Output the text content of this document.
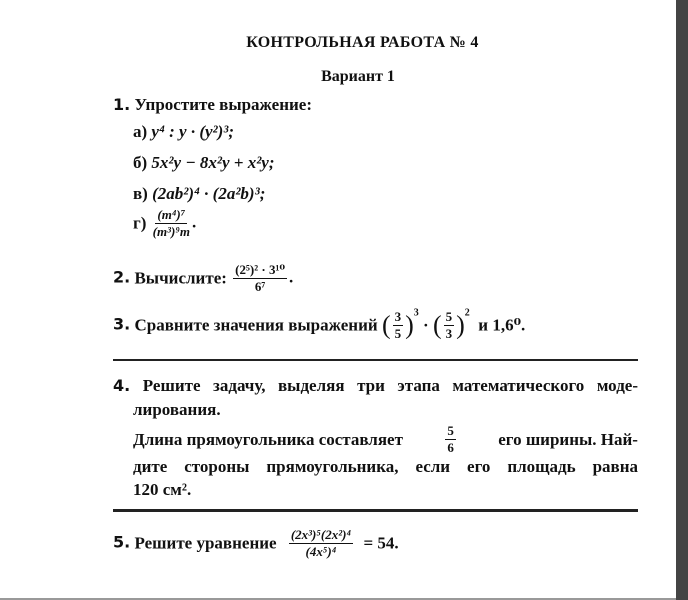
КОНТРОЛЬНАЯ РАБОТА № 4
Вариант 1
1. Упростите выражение:
а) y⁴ : y · (y²)³;
б) 5x²y − 8x²y + x²y;
в) (2ab²)⁴ · (2a²b)³;
$г) \frac{\text{(m⁴)⁷}}{\text{(m³)⁹m}}$ .
2. Вычислите: $\frac{\text{(2⁵)² · 3¹⁰}}{\text{6⁷}}$ .
3. Сравните значения выражений ( $\frac{3}{5} )^3$ · ( $\frac{5}{3} )^2$  и 1,6⁰.
4. Решите задачу, выделяя три этапа математического моде-
лирования.
Длина прямоугольника составляет	$\frac{5}{6}$ его ширины. Най-
дите стороны прямоугольника, если его площадь равна
120 см².
5. Решите уравнение $\frac{\text{(2x³)⁵(2x²)⁴}}{\text{(4x⁵)⁴}} = 54$.
